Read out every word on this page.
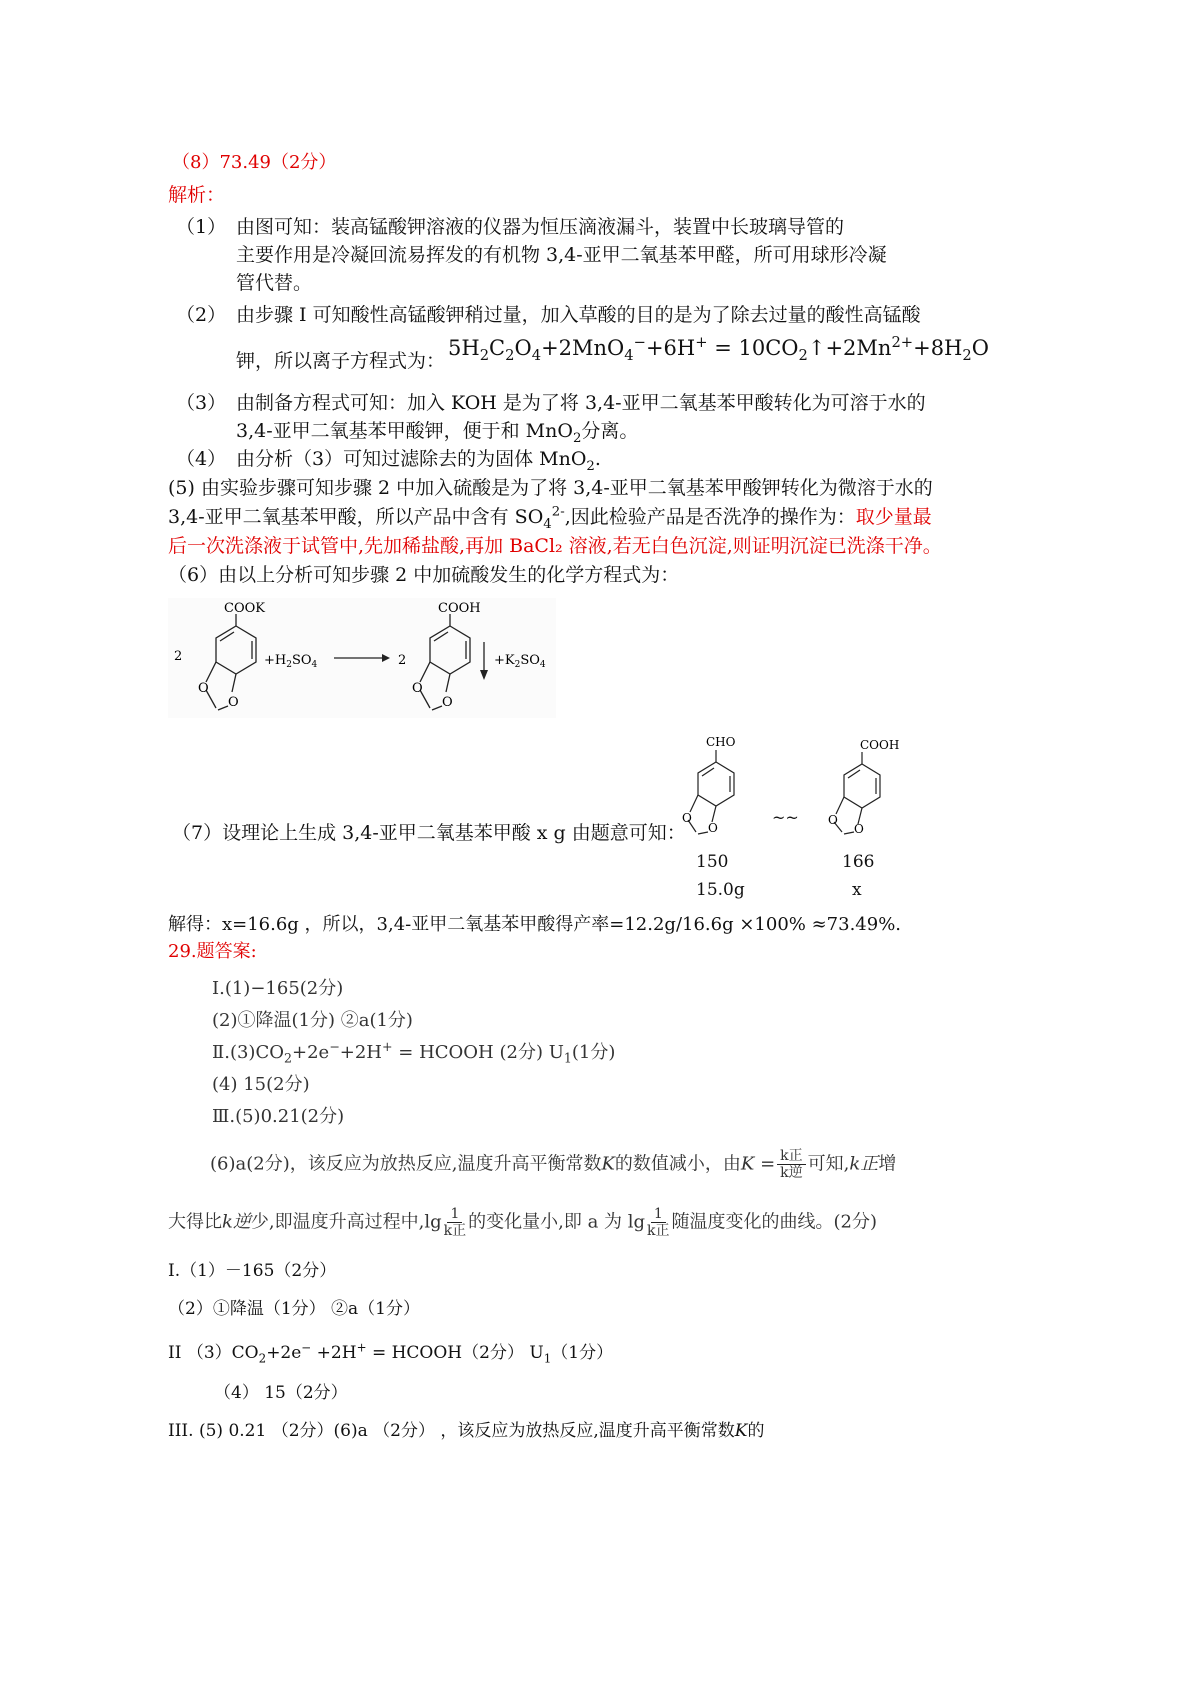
（8）73.49（2分）
解析：
（1） 由图可知：装高锰酸钾溶液的仪器为恒压滴液漏斗，装置中长玻璃导管的
主要作用是冷凝回流易挥发的有机物 3,4-亚甲二氧基苯甲醛，所可用球形冷凝
管代替。
（2） 由步骤 I 可知酸性高锰酸钾稍过量，加入草酸的目的是为了除去过量的酸性高锰酸
钾，所以离子方程式为：
$5H_2C_2O_4+2MnO_4^-+6H^+$ = $10CO_2↑+2Mn^{2+}+8H_2O$
（3） 由制备方程式可知：加入 KOH 是为了将 3,4-亚甲二氧基苯甲酸转化为可溶于水的
3,4-亚甲二氧基苯甲酸钾，便于和 MnO$_2$分离。
（4） 由分析（3）可知过滤除去的为固体 MnO$_2$.
(5) 由实验步骤可知步骤 2 中加入硫酸是为了将 3,4-亚甲二氧基苯甲酸钾转化为微溶于水的
3,4-亚甲二氧基苯甲酸，所以产品中含有 $SO_4^{2-}$,因此检验产品是否洗净的操作为：取少量最
后一次洗涤液于试管中,先加稀盐酸,再加 BaCl₂ 溶液,若无白色沉淀,则证明沉淀已洗涤干净。
（6）由以上分析可知步骤 2 中加硫酸发生的化学方程式为：
2
O
O
COOK
$+H_2SO_4$	2
O
O
COOH
$+K_2SO_4$
（7）设理论上生成 3,4-亚甲二氧基苯甲酸 x g 由题意可知：
O
O
CHO
~~ O
O
COOH
150	166
15.0g	x
解得：x=16.6g ，所以，3,4-亚甲二氧基苯甲酸得产率=12.2g/16.6g ×100% ≈73.49%.
29.题答案:
Ⅰ.(1)−165(2分)
(2)①降温(1分) ②a(1分)
$Ⅱ.(3)CO_2+2e^-+2H^+$ = HCOOH (2分) $U_1(1$分)
(4) 15(2分)
Ⅲ.(5)0.21(2分)
(6)a(2分)，该反应为放热反应,温度升高平衡常数K的数值减小，由$K = \frac{\text{k正}}{\text{k逆}}$ 可知,k正增
大得比k逆少,即温度升高过程中$,\lg \frac{1}{\text{k正}}$ 的变化量小,即 a 为 $\lg \frac{1}{\text{k正}}$ 随温度变化的曲线。(2分)
I.（1）－165（2分）
（2）①降温（1分） ②a（1分）
II $(3)CO_2+2e^- +2H^+$ = HCOOH（2分） $U_1(1$分）
（4） 15（2分）
III. (5) 0.21 （2分）(6)a （2分） ，该反应为放热反应,温度升高平衡常数K的
